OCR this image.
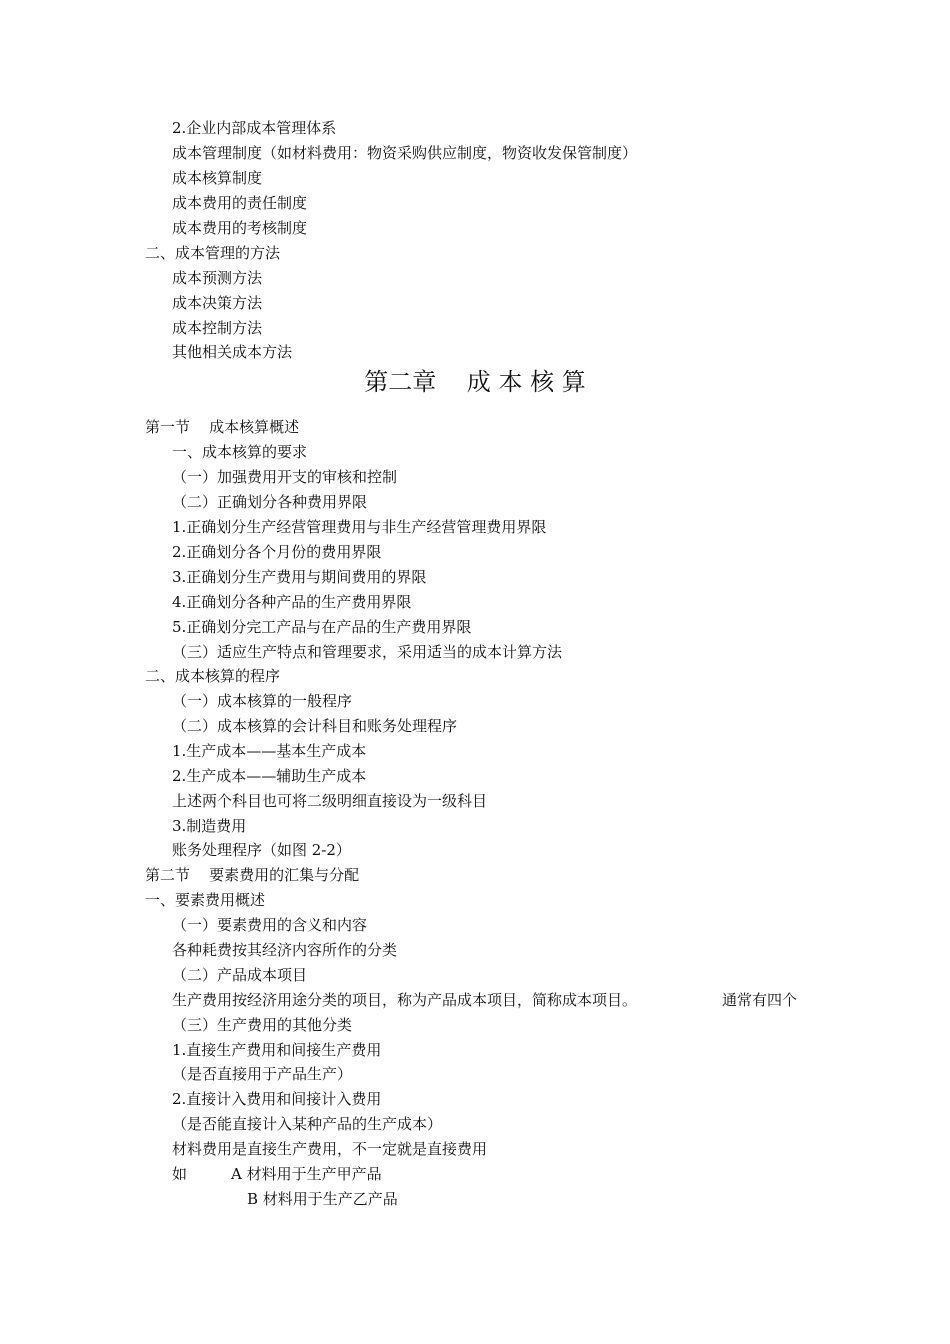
2.企业内部成本管理体系
成本管理制度（如材料费用：物资采购供应制度，物资收发保管制度）
成本核算制度
成本费用的责任制度
成本费用的考核制度
二、成本管理的方法
成本预测方法
成本决策方法
成本控制方法
其他相关成本方法
第二章    成 本 核 算
第一节    成本核算概述
一、成本核算的要求
（一）加强费用开支的审核和控制
（二）正确划分各种费用界限
1.正确划分生产经营管理费用与非生产经营管理费用界限
2.正确划分各个月份的费用界限
3.正确划分生产费用与期间费用的界限
4.正确划分各种产品的生产费用界限
5.正确划分完工产品与在产品的生产费用界限
（三）适应生产特点和管理要求，采用适当的成本计算方法
二、成本核算的程序
（一）成本核算的一般程序
（二）成本核算的会计科目和账务处理程序
1.生产成本——基本生产成本
2.生产成本——辅助生产成本
上述两个科目也可将二级明细直接设为一级科目
3.制造费用
账务处理程序（如图 2-2）
第二节    要素费用的汇集与分配
一、要素费用概述
（一）要素费用的含义和内容
各种耗费按其经济内容所作的分类
（二）产品成本项目
生产费用按经济用途分类的项目，称为产品成本项目，简称成本项目。	通常有四个
（三）生产费用的其他分类
1.直接生产费用和间接生产费用
（是否直接用于产品生产）
2.直接计入费用和间接计入费用
（是否能直接计入某种产品的生产成本）
材料费用是直接生产费用，不一定就是直接费用
如	A 材料用于生产甲产品
B 材料用于生产乙产品
